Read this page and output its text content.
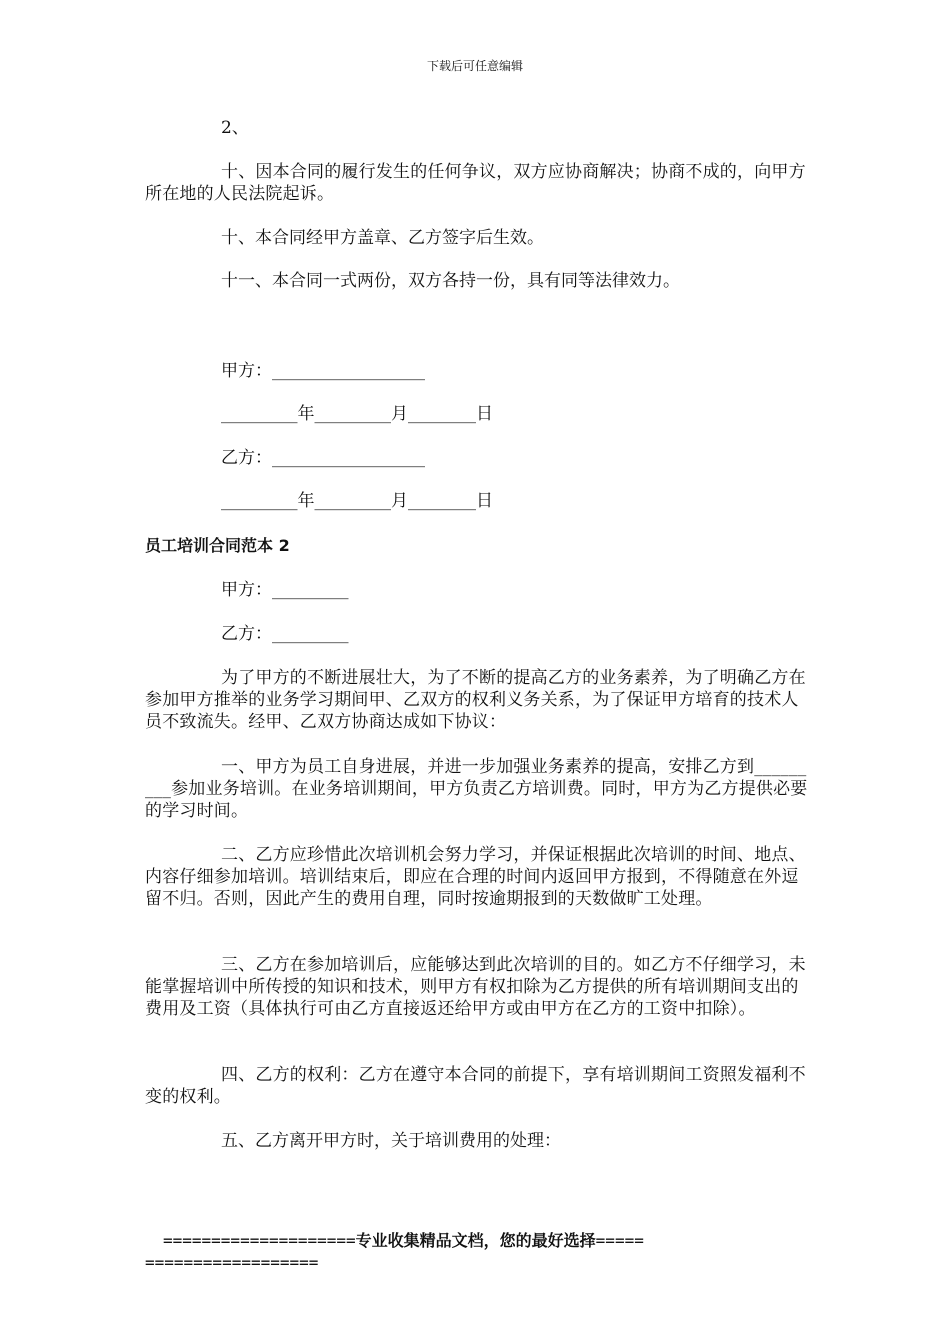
下载后可任意编辑
2、
十、因本合同的履行发生的任何争议，双方应协商解决；协商不成的，向甲方所在地的人民法院起诉。
十、本合同经甲方盖章、乙方签字后生效。
十一、本合同一式两份，双方各持一份，具有同等法律效力。
甲方：__________________
_________年_________月________日
乙方：__________________
_________年_________月________日
员工培训合同范本 2
甲方：_________
乙方：_________
为了甲方的不断进展壮大，为了不断的提高乙方的业务素养，为了明确乙方在参加甲方推举的业务学习期间甲、乙双方的权利义务关系，为了保证甲方培育的技术人员不致流失。经甲、乙双方协商达成如下协议：
一、甲方为员工自身进展，并进一步加强业务素养的提高，安排乙方到_________参加业务培训。在业务培训期间，甲方负责乙方培训费。同时，甲方为乙方提供必要的学习时间。
二、乙方应珍惜此次培训机会努力学习，并保证根据此次培训的时间、地点、内容仔细参加培训。培训结束后，即应在合理的时间内返回甲方报到，不得随意在外逗留不归。否则，因此产生的费用自理，同时按逾期报到的天数做旷工处理。
三、乙方在参加培训后，应能够达到此次培训的目的。如乙方不仔细学习，未能掌握培训中所传授的知识和技术，则甲方有权扣除为乙方提供的所有培训期间支出的费用及工资（具体执行可由乙方直接返还给甲方或由甲方在乙方的工资中扣除）。
四、乙方的权利：乙方在遵守本合同的前提下，享有培训期间工资照发福利不变的权利。
五、乙方离开甲方时，关于培训费用的处理：
====================专业收集精品文档，您的最好选择=====
==================
